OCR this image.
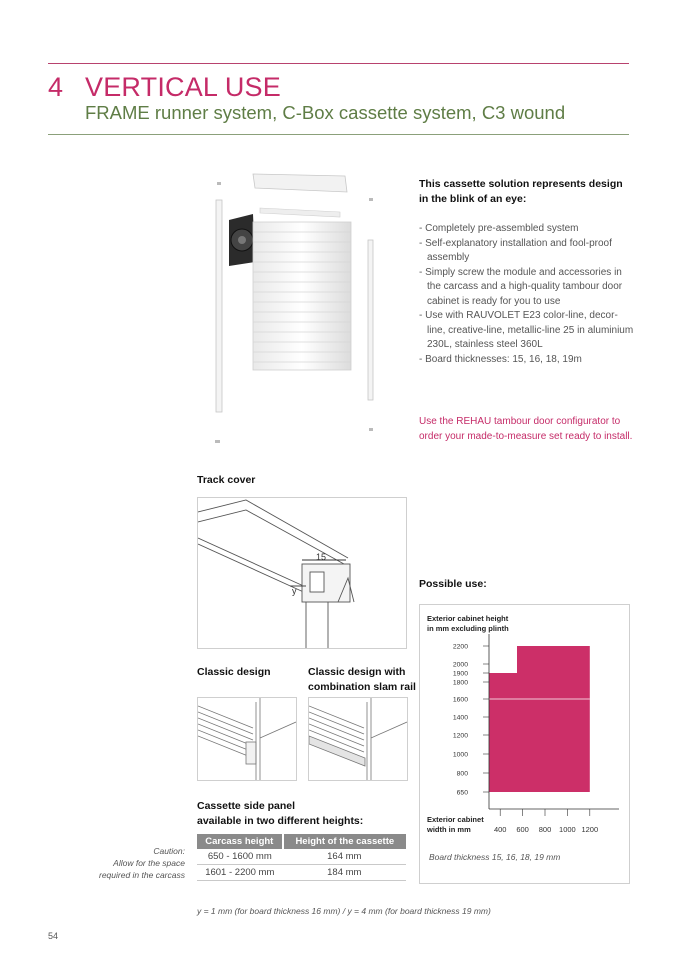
4 VERTICAL USE
FRAME runner system, C-Box cassette system, C3 wound
This cassette solution represents design
in the blink of an eye:
- Completely pre-assembled system
- Self-explanatory installation and fool-proof assembly
- Simply screw the module and accessories in the carcass and a high-quality tambour door cabinet is ready for you to use
- Use with RAUVOLET E23 color-line, decor-line, creative-line, metallic-line 25 in aluminium 230L, stainless steel 360L
- Board thicknesses: 15, 16, 18, 19m
Use the REHAU tambour door configurator to order your made-to-measure set ready to install.
Track cover
15
y
Classic design	Classic design with
combination slam rail
Cassette side panel
available in two different heights:
Carcass height	Height of the cassette
650 - 1600 mm	164 mm
1601 - 2200 mm	184 mm
Caution:
Allow for the space
required in the carcass
Possible use:
Exterior cabinet height
in mm excluding plinth
Exterior cabinet
width in mm
650
800
1000
1200
1400
1600
1800
1900
2000
2200
400 600 800 1000 1200
Board thickness 15, 16, 18, 19 mm
y = 1 mm (for board thickness 16 mm) / y = 4 mm (for board thickness 19 mm)
54
